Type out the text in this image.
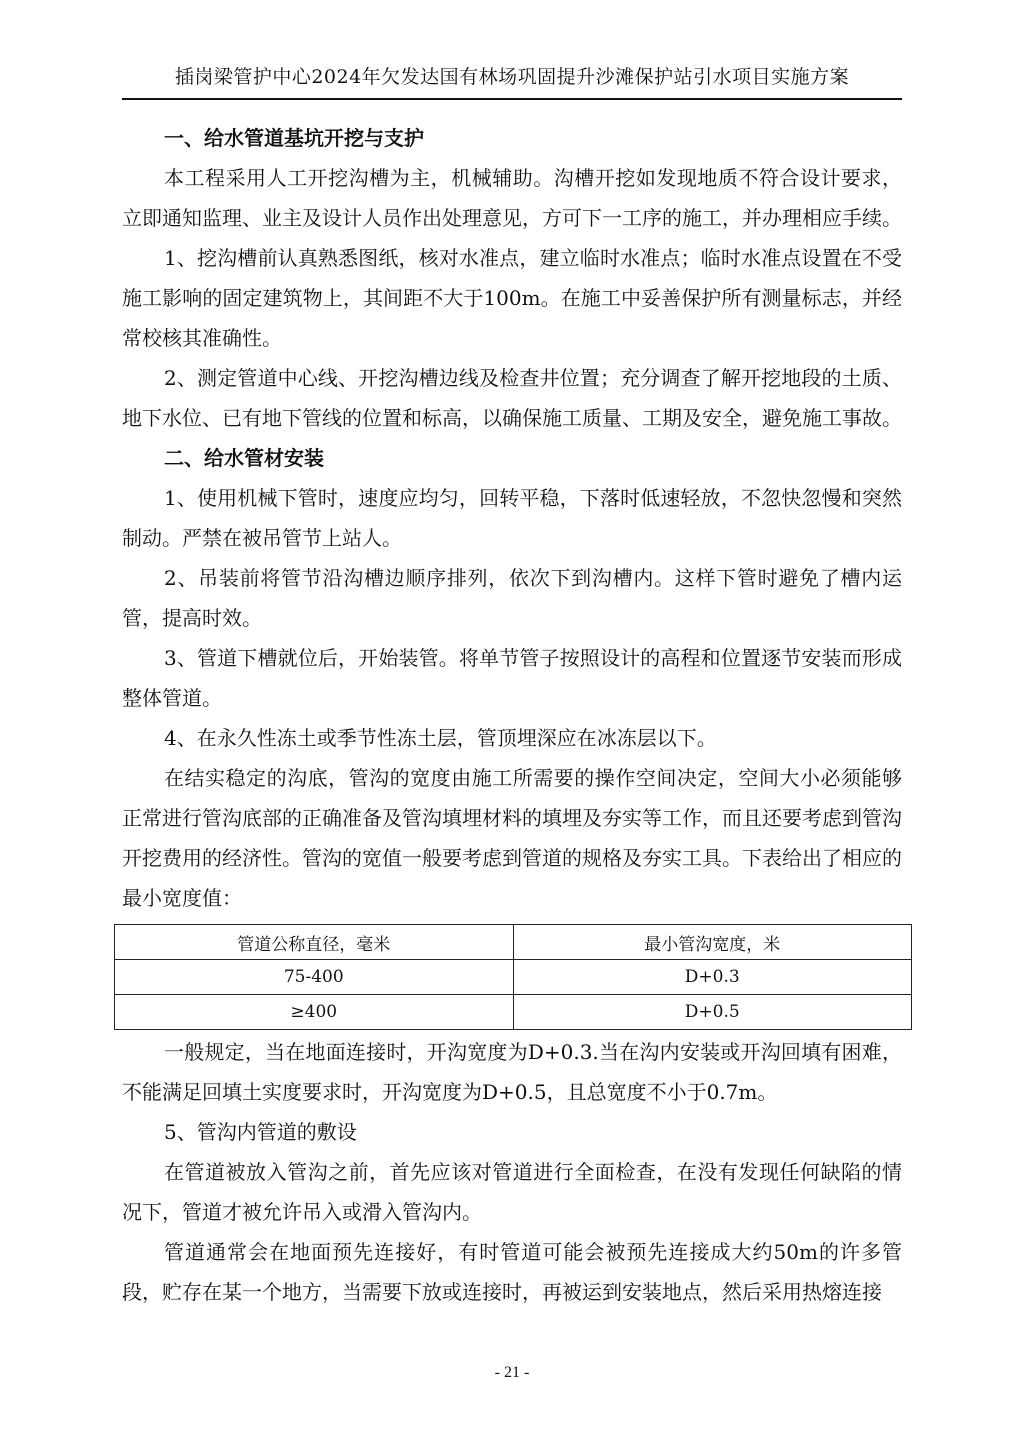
插岗梁管护中心2024年欠发达国有林场巩固提升沙滩保护站引水项目实施方案

一、给水管道基坑开挖与支护

本工程采用人工开挖沟槽为主，机械辅助。沟槽开挖如发现地质不符合设计要求，立即通知监理、业主及设计人员作出处理意见，方可下一工序的施工，并办理相应手续。

1、挖沟槽前认真熟悉图纸，核对水准点，建立临时水准点；临时水准点设置在不受施工影响的固定建筑物上，其间距不大于100m。在施工中妥善保护所有测量标志，并经常校核其准确性。

2、测定管道中心线、开挖沟槽边线及检查井位置；充分调查了解开挖地段的土质、地下水位、已有地下管线的位置和标高，以确保施工质量、工期及安全，避免施工事故。

二、给水管材安装

1、使用机械下管时，速度应均匀，回转平稳，下落时低速轻放，不忽快忽慢和突然制动。严禁在被吊管节上站人。

2、吊装前将管节沿沟槽边顺序排列，依次下到沟槽内。这样下管时避免了槽内运管，提高时效。

3、管道下槽就位后，开始装管。将单节管子按照设计的高程和位置逐节安装而形成整体管道。

4、在永久性冻土或季节性冻土层，管顶埋深应在冰冻层以下。

在结实稳定的沟底，管沟的宽度由施工所需要的操作空间决定，空间大小必须能够正常进行管沟底部的正确准备及管沟填埋材料的填埋及夯实等工作，而且还要考虑到管沟开挖费用的经济性。管沟的宽值一般要考虑到管道的规格及夯实工具。下表给出了相应的最小宽度值：

管道公称直径，毫米	最小管沟宽度，米
75-400	D+0.3
≥400	D+0.5

一般规定，当在地面连接时，开沟宽度为D+0.3.当在沟内安装或开沟回填有困难，不能满足回填土实度要求时，开沟宽度为D+0.5，且总宽度不小于0.7m。

5、管沟内管道的敷设

在管道被放入管沟之前，首先应该对管道进行全面检查，在没有发现任何缺陷的情况下，管道才被允许吊入或滑入管沟内。

管道通常会在地面预先连接好，有时管道可能会被预先连接成大约50m的许多管段，贮存在某一个地方，当需要下放或连接时，再被运到安装地点，然后采用热熔连接

- 21 -
